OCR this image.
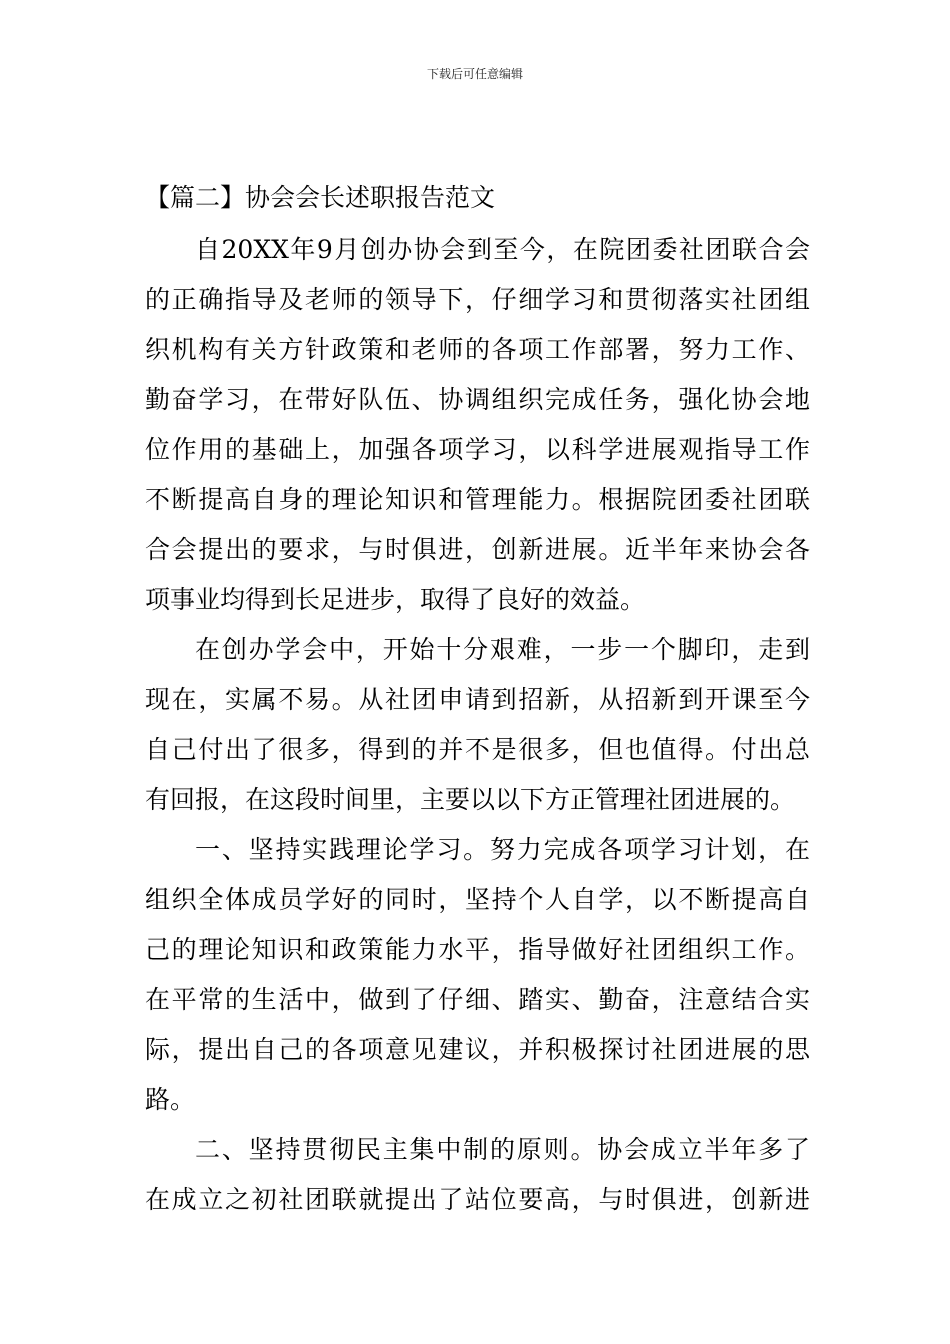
下载后可任意编辑
【篇二】协会会长述职报告范文
自20XX年9月创办协会到至今，在院团委社团联合会
的正确指导及老师的领导下，仔细学习和贯彻落实社团组
织机构有关方针政策和老师的各项工作部署，努力工作、
勤奋学习，在带好队伍、协调组织完成任务，强化协会地
位作用的基础上，加强各项学习，以科学进展观指导工作
不断提高自身的理论知识和管理能力。根据院团委社团联
合会提出的要求，与时俱进，创新进展。近半年来协会各
项事业均得到长足进步，取得了良好的效益。
在创办学会中，开始十分艰难，一步一个脚印，走到
现在，实属不易。从社团申请到招新，从招新到开课至今
自己付出了很多，得到的并不是很多，但也值得。付出总
有回报，在这段时间里，主要以以下方正管理社团进展的。
一、坚持实践理论学习。努力完成各项学习计划，在
组织全体成员学好的同时，坚持个人自学，以不断提高自
己的理论知识和政策能力水平，指导做好社团组织工作。
在平常的生活中，做到了仔细、踏实、勤奋，注意结合实
际，提出自己的各项意见建议，并积极探讨社团进展的思
路。
二、坚持贯彻民主集中制的原则。协会成立半年多了
在成立之初社团联就提出了站位要高，与时俱进，创新进
